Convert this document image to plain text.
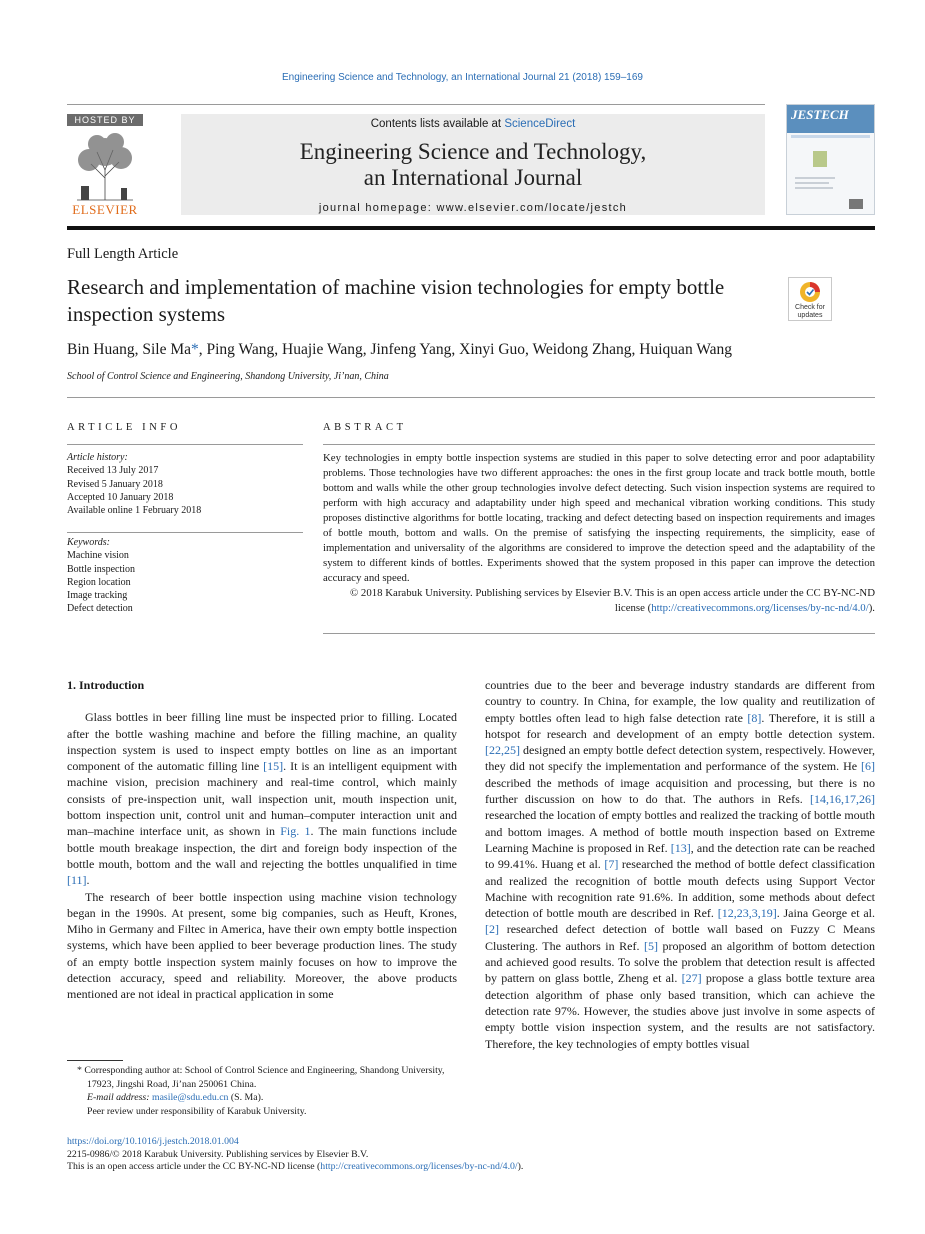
Engineering Science and Technology, an International Journal 21 (2018) 159–169
HOSTED BY
ELSEVIER
Contents lists available at ScienceDirect
Engineering Science and Technology,
an International Journal
journal homepage: www.elsevier.com/locate/jestch
JESTECH
Full Length Article
Research and implementation of machine vision technologies for empty bottle inspection systems	Check for
updates
Bin Huang, Sile Ma*, Ping Wang, Huajie Wang, Jinfeng Yang, Xinyi Guo, Weidong Zhang, Huiquan Wang
School of Control Science and Engineering, Shandong University, Ji’nan, China
ARTICLE INFO	ABSTRACT
Article history:
Received 13 July 2017
Revised 5 January 2018
Accepted 10 January 2018
Available online 1 February 2018
Keywords:
Machine vision
Bottle inspection
Region location
Image tracking
Defect detection
Key technologies in empty bottle inspection systems are studied in this paper to solve detecting error and poor adaptability problems. Those technologies have two different approaches: the ones in the first group locate and track bottle mouth, bottle bottom and walls while the other group technologies involve defect detecting. Such vision inspection systems are required to perform with high accuracy and adaptability under high speed and mechanical vibration working conditions. This study proposes distinctive algorithms for bottle locating, tracking and defect detecting based on inspection requirements and images of bottle mouth, bottom and walls. On the premise of satisfying the inspecting requirements, the simplicity, ease of implementation and universality of the algorithms are considered to improve the detection speed and the adaptability of the system to different kinds of bottles. Experiments showed that the system proposed in this paper can improve the detection accuracy and speed.
© 2018 Karabuk University. Publishing services by Elsevier B.V. This is an open access article under the CC BY-NC-ND license (http://creativecommons.org/licenses/by-nc-nd/4.0/).
1. Introduction

Glass bottles in beer filling line must be inspected prior to filling. Located after the bottle washing machine and before the filling machine, an quality inspection system is used to inspect empty bottles on line as an important component of the automatic filling line [15]. It is an intelligent equipment with machine vision, precision machinery and real-time control, which mainly consists of pre-inspection unit, wall inspection unit, mouth inspection unit, bottom inspection unit, control unit and human–computer interaction unit and man–machine interface unit, as shown in Fig. 1. The main functions include bottle mouth breakage inspection, the dirt and foreign body inspection of the bottle mouth, bottom and the wall and rejecting the bottles unqualified in time [11].

The research of beer bottle inspection using machine vision technology began in the 1990s. At present, some big companies, such as Heuft, Krones, Miho in Germany and Filtec in America, have their own empty bottle inspection systems, which have been applied to beer beverage production lines. The study of an empty bottle inspection system mainly focuses on how to improve the detection accuracy, speed and reliability. Moreover, the above products mentioned are not ideal in practical application in some

countries due to the beer and beverage industry standards are different from country to country. In China, for example, the low quality and reutilization of empty bottles often lead to high false detection rate [8]. Therefore, it is still a hotspot for research and development of an empty bottle detection system. [22,25] designed an empty bottle defect detection system, respectively. However, they did not specify the implementation and performance of the system. He [6] described the methods of image acquisition and processing, but there is no further discussion on how to do that. The authors in Refs. [14,16,17,26] researched the location of empty bottles and realized the tracking of bottle mouth and bottom images. A method of bottle mouth inspection based on Extreme Learning Machine is proposed in Ref. [13], and the detection rate can be reached to 99.41%. Huang et al. [7] researched the method of bottle defect classification and realized the recognition of bottle mouth defects using Support Vector Machine with recognition rate 91.6%. In addition, some methods about defect detection of bottle mouth are described in Ref. [12,23,3,19]. Jaina George et al. [2] researched defect detection of bottle wall based on Fuzzy C Means Clustering. The authors in Ref. [5] proposed an algorithm of bottom detection and achieved good results. To solve the problem that detection result is affected by pattern on glass bottle, Zheng et al. [27] propose a glass bottle texture area detection algorithm of phase only based transition, which can achieve the detection rate 97%. However, the studies above just involve in some aspects of empty bottle vision inspection system, and the results are not satisfactory. Therefore, the key technologies of empty bottles visual

* Corresponding author at: School of Control Science and Engineering, Shandong University, 17923, Jingshi Road, Ji’nan 250061 China.
E-mail address: masile@sdu.edu.cn (S. Ma).
Peer review under responsibility of Karabuk University.
https://doi.org/10.1016/j.jestch.2018.01.004
2215-0986/© 2018 Karabuk University. Publishing services by Elsevier B.V.
This is an open access article under the CC BY-NC-ND license (http://creativecommons.org/licenses/by-nc-nd/4.0/).
